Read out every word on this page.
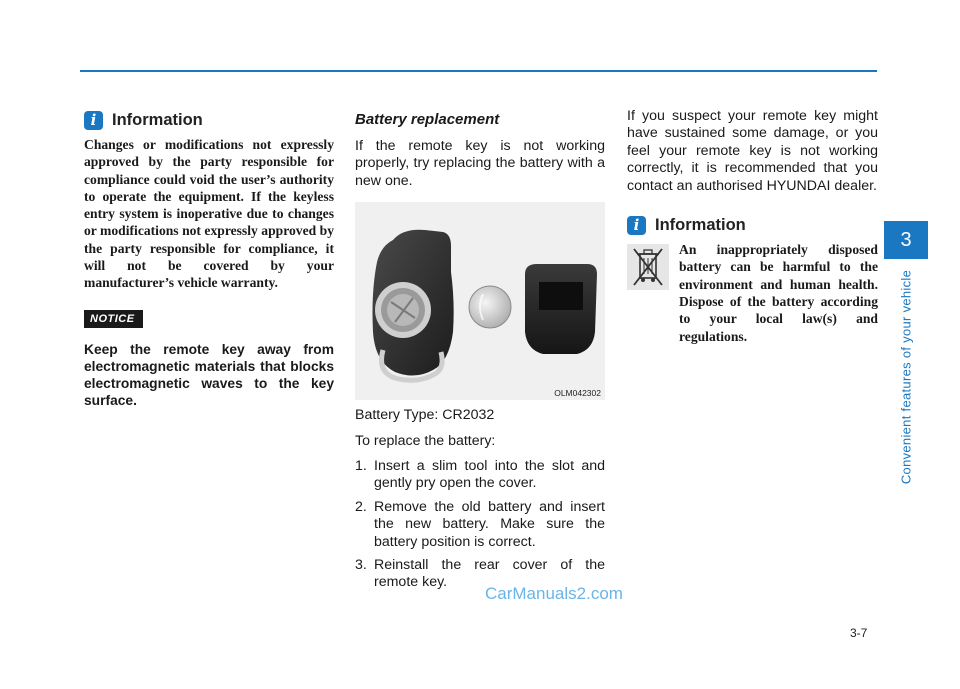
i Information

Changes or modifications not expressly approved by the party responsible for compliance could void the user’s authority to operate the equipment. If the keyless entry system is inoperative due to changes or modifications not expressly approved by the party responsible for compliance, it will not be covered by your manufacturer’s vehicle warranty.

NOTICE

Keep the remote key away from electromagnetic materials that blocks electromagnetic waves to the key surface.

Battery replacement

If the remote key is not working properly, try replacing the battery with a new one.

OLM042302

Battery Type: CR2032

To replace the battery:

1. Insert a slim tool into the slot and gently pry open the cover.
2. Remove the old battery and insert the new battery. Make sure the battery position is correct.
3. Reinstall the rear cover of the remote key.

If you suspect your remote key might have sustained some damage, or you feel your remote key is not working correctly, it is recommended that you contact an authorised HYUNDAI dealer.

i Information

An inappropriately disposed battery can be harmful to the environment and human health. Dispose of the battery according to your local law(s) and regulations.

3
Convenient features of your vehicle
CarManuals2.com
3-7
